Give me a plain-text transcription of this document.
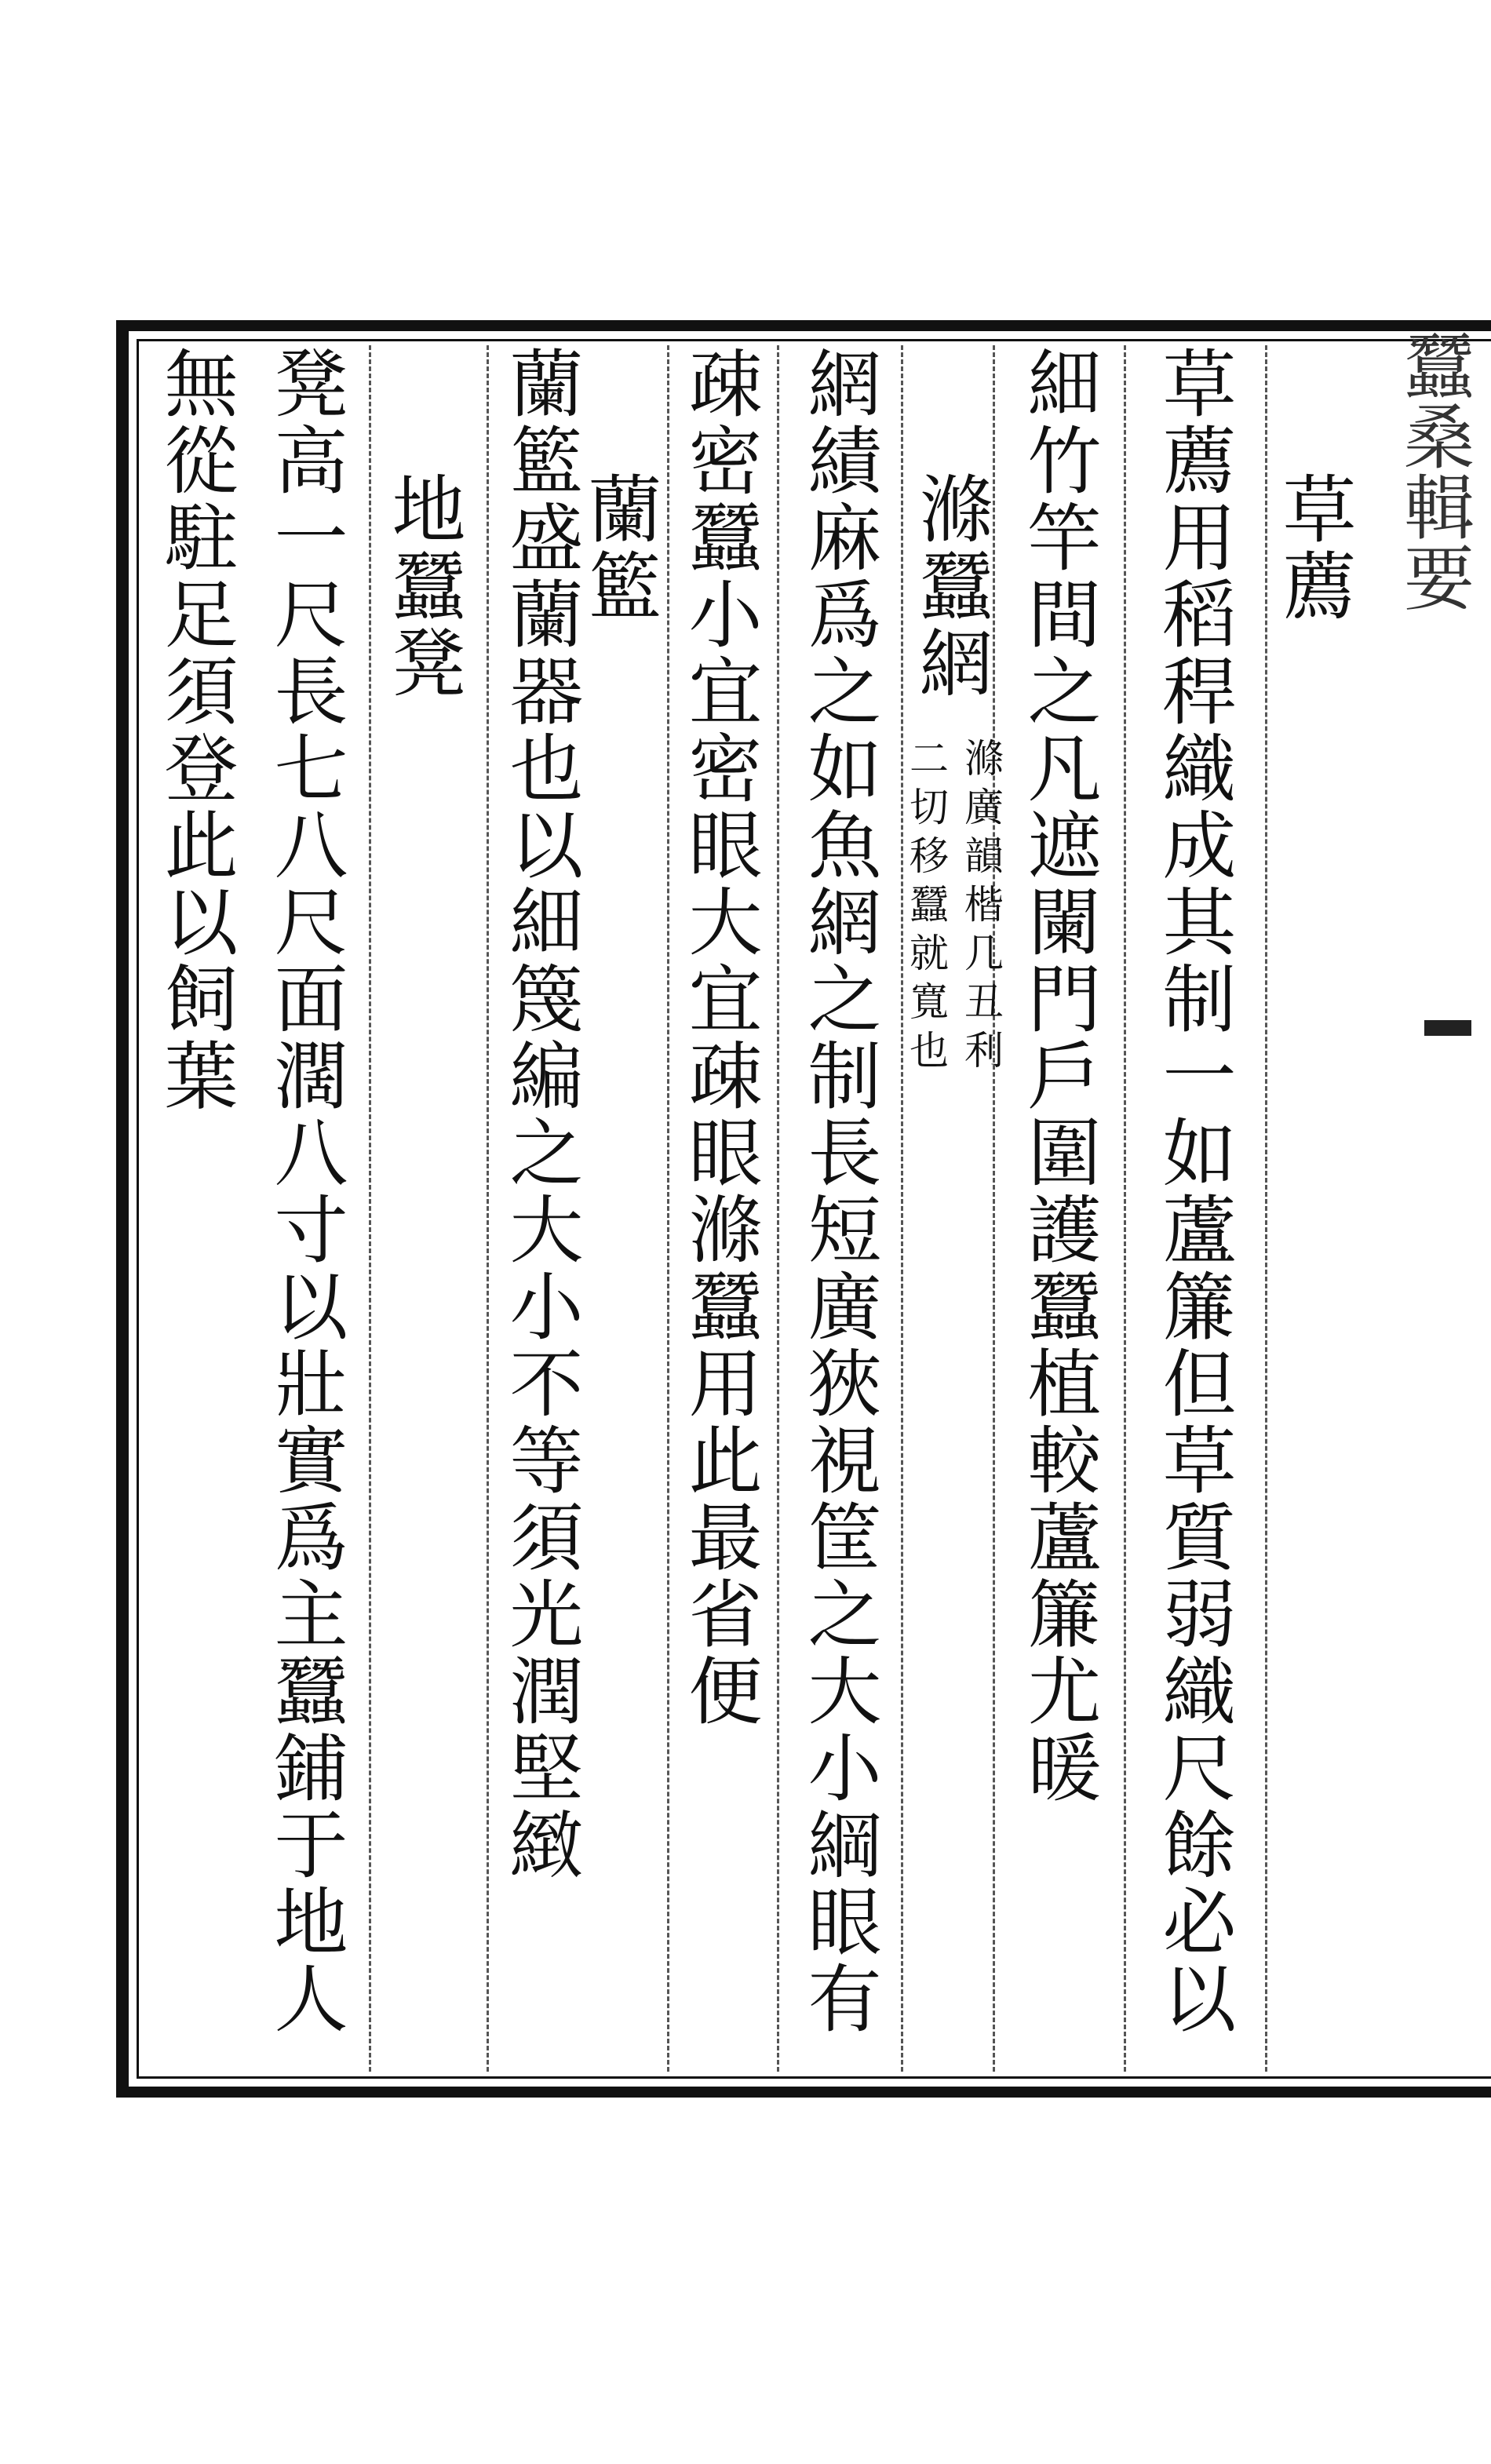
蠶桑輯要
草薦
草薦用稻稈織成其制一如蘆簾但草質弱織尺餘必以
細竹竿間之凡遮闌門戶圍護蠶植較蘆簾尤暖
滌蠶網
滌廣韻楷几丑利
二切移蠶就寬也
網績麻爲之如魚網之制長短廣狹視筐之大小綱眼有
疎密蠶小宜密眼大宜疎眼滌蠶用此最省便
蘭籃
蘭籃盛蘭器也以細篾編之大小不等須光潤堅緻
地蠶凳
凳高一尺長七八尺面濶八寸以壯實爲主蠶鋪于地人
無從駐足須登此以飼葉
